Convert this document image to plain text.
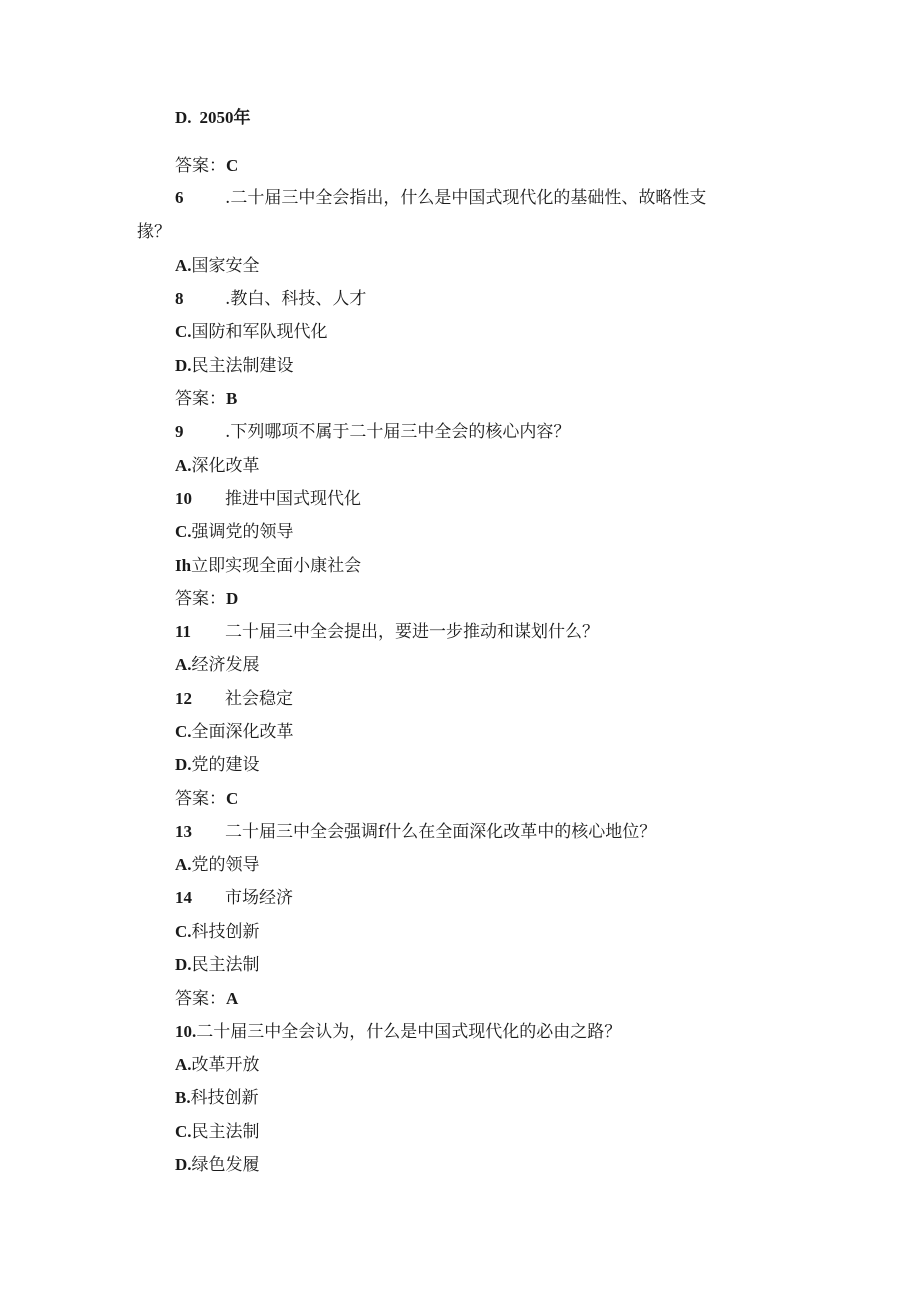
D. 2050年
答案：C
6 .二十届三中全会指出，什么是中国式现代化的基础性、故略性支
掾？
A.国家安全
8 .教白、科技、人才
C.国防和军队现代化
D.民主法制建设
答案：B
9 .下列哪项不属于二十届三中全会的核心内容？
A.深化改革
10 推进中国式现代化
C.强调党的领导
Ih立即实现全面小康社会
答案：D
11 二十届三中全会提出，要进一步推动和谋划什么？
A.经济发展
12 社会稳定
C.全面深化改革
D.党的建设
答案：C
13 二十届三中全会强调f什么在全面深化改革中的核心地位？
A.党的领导
14 市场经济
C.科技创新
D.民主法制
答案：A
10.二十届三中全会认为，什么是中国式现代化的必由之路？
A.改革开放
B.科技创新
C.民主法制
D.绿色发履
